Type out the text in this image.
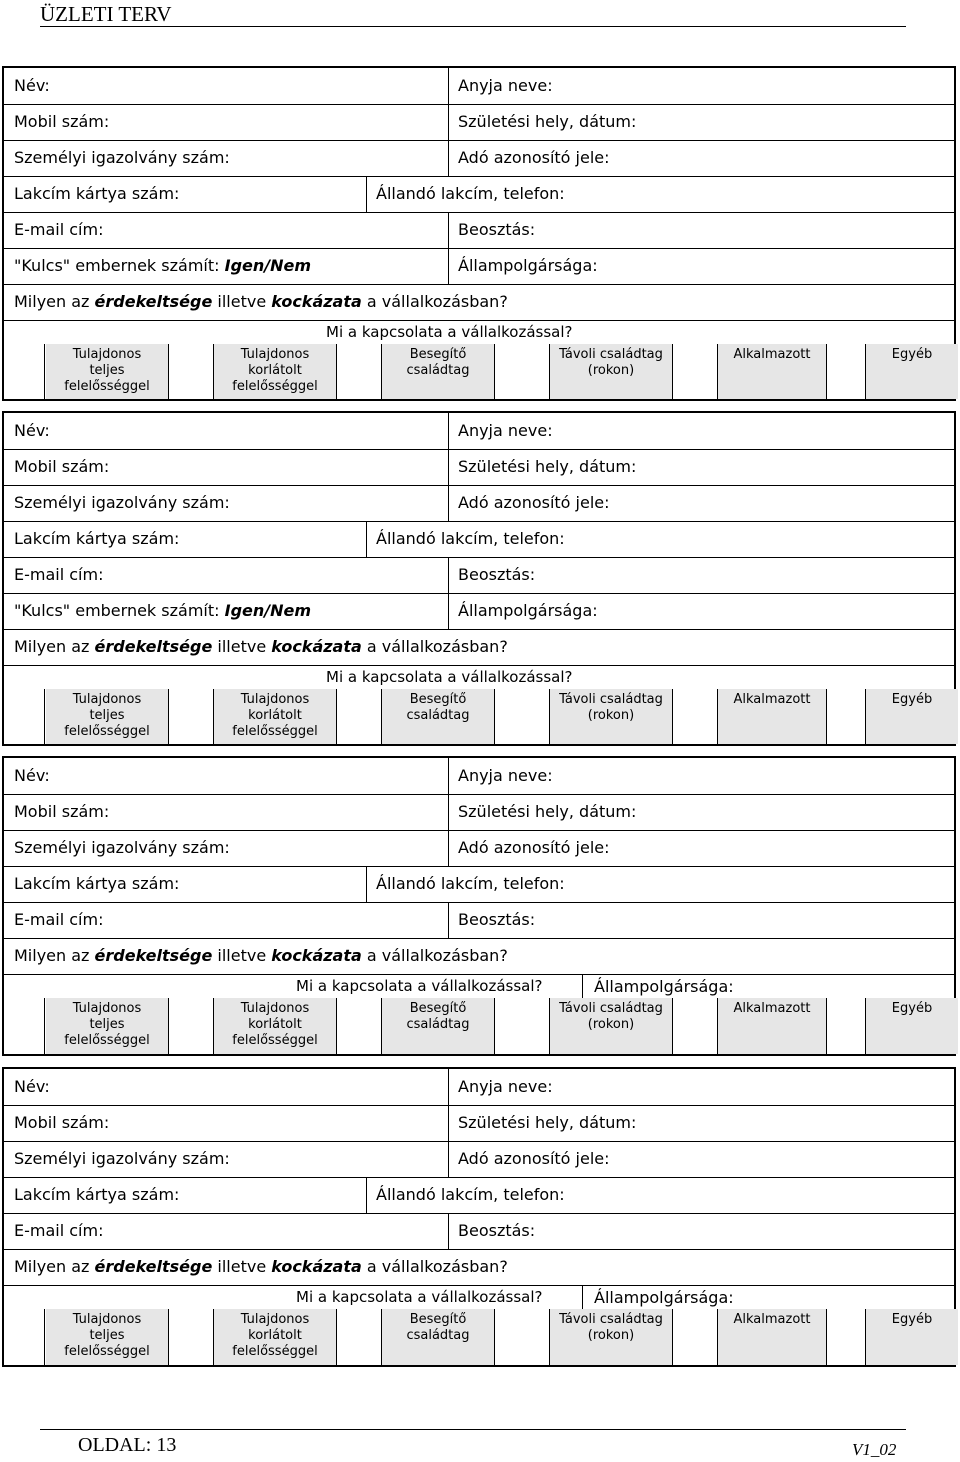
ÜZLETI TERV
Név:	Anyja neve:
Mobil szám:	Születési hely, dátum:
Személyi igazolvány szám:	Adó azonosító jele:
Lakcím kártya szám:	Állandó lakcím, telefon:
E-mail cím:	Beosztás:
"Kulcs" embernek számít: Igen/Nem	Állampolgársága:
Milyen az érdekeltsége illetve kockázata a vállalkozásban?
Mi a kapcsolata a vállalkozással?
Tulajdonos
teljes
felelősséggel
Tulajdonos
korlátolt
felelősséggel
Besegítő
családtag
Távoli családtag
(rokon)
Alkalmazott	Egyéb
Név:	Anyja neve:
Mobil szám:	Születési hely, dátum:
Személyi igazolvány szám:	Adó azonosító jele:
Lakcím kártya szám:	Állandó lakcím, telefon:
E-mail cím:	Beosztás:
"Kulcs" embernek számít: Igen/Nem	Állampolgársága:
Milyen az érdekeltsége illetve kockázata a vállalkozásban?
Mi a kapcsolata a vállalkozással?
Tulajdonos
teljes
felelősséggel
Tulajdonos
korlátolt
felelősséggel
Besegítő
családtag
Távoli családtag
(rokon)
Alkalmazott	Egyéb
Név:	Anyja neve:
Mobil szám:	Születési hely, dátum:
Személyi igazolvány szám:	Adó azonosító jele:
Lakcím kártya szám:	Állandó lakcím, telefon:
E-mail cím:	Beosztás:
Milyen az érdekeltsége illetve kockázata a vállalkozásban?
Mi a kapcsolata a vállalkozással?	Állampolgársága:
Tulajdonos
teljes
felelősséggel
Tulajdonos
korlátolt
felelősséggel
Besegítő
családtag
Távoli családtag
(rokon)
Alkalmazott	Egyéb
Név:	Anyja neve:
Mobil szám:	Születési hely, dátum:
Személyi igazolvány szám:	Adó azonosító jele:
Lakcím kártya szám:	Állandó lakcím, telefon:
E-mail cím:	Beosztás:
Milyen az érdekeltsége illetve kockázata a vállalkozásban?
Mi a kapcsolata a vállalkozással?	Állampolgársága:
Tulajdonos
teljes
felelősséggel
Tulajdonos
korlátolt
felelősséggel
Besegítő
családtag
Távoli családtag
(rokon)
Alkalmazott	Egyéb
OLDAL: 13	V1_02
